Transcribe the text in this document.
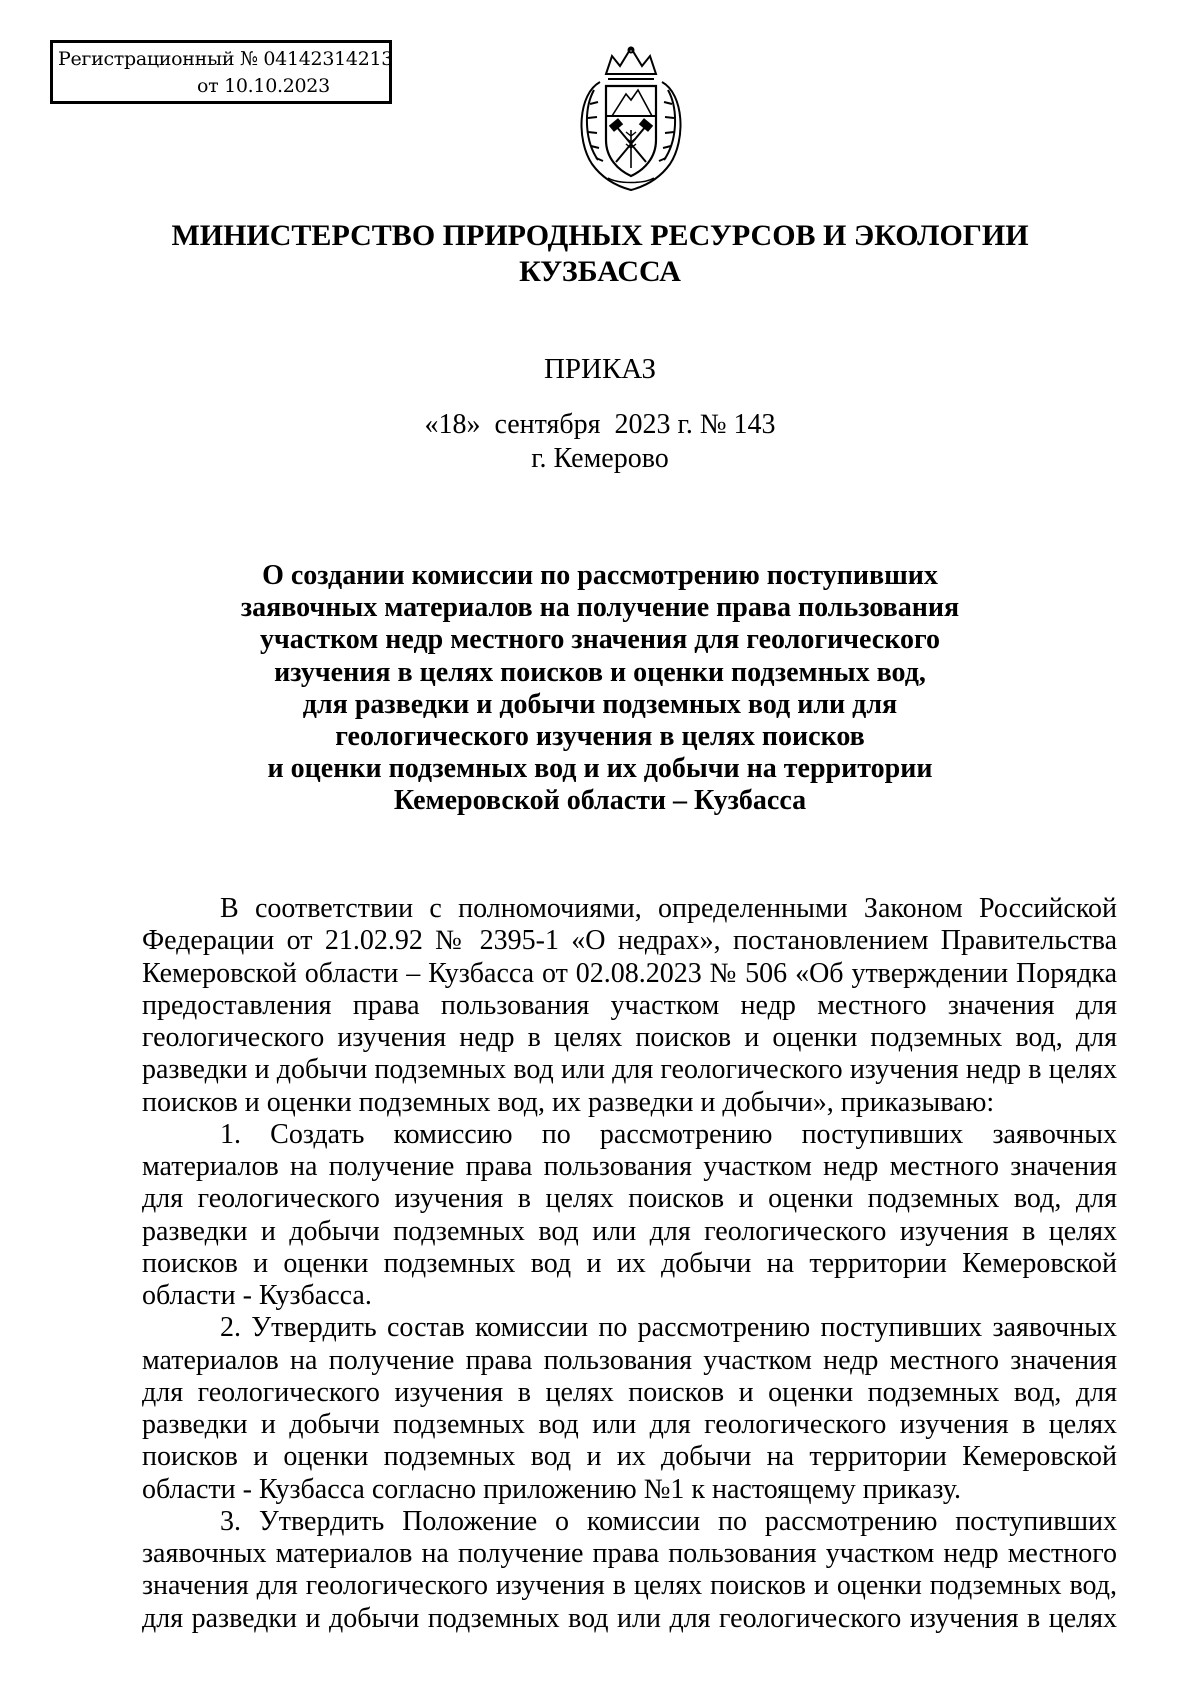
Регистрационный № 04142314213
от 10.10.2023
МИНИСТЕРСТВО ПРИРОДНЫХ РЕСУРСОВ И ЭКОЛОГИИ
КУЗБАССА
ПРИКАЗ
«18»  сентября  2023 г. № 143
г. Кемерово
О создании комиссии по рассмотрению поступивших
заявочных материалов на получение права пользования
участком недр местного значения для геологического
изучения в целях поисков и оценки подземных вод,
для разведки и добычи подземных вод или для
геологического изучения в целях поисков
и оценки подземных вод и их добычи на территории
Кемеровской области – Кузбасса
В соответствии с полномочиями, определенными Законом Российской
Федерации от 21.02.92 № 2395-1 «О недрах», постановлением Правительства
Кемеровской области – Кузбасса от 02.08.2023 № 506 «Об утверждении Порядка
предоставления права пользования участком недр местного значения для
геологического изучения недр в целях поисков и оценки подземных вод, для
разведки и добычи подземных вод или для геологического изучения недр в целях
поисков и оценки подземных вод, их разведки и добычи», приказываю:
1. Создать комиссию по рассмотрению поступивших заявочных
материалов на получение права пользования участком недр местного значения
для геологического изучения в целях поисков и оценки подземных вод, для
разведки и добычи подземных вод или для геологического изучения в целях
поисков и оценки подземных вод и их добычи на территории Кемеровской
области - Кузбасса.
2. Утвердить состав комиссии по рассмотрению поступивших заявочных
материалов на получение права пользования участком недр местного значения
для геологического изучения в целях поисков и оценки подземных вод, для
разведки и добычи подземных вод или для геологического изучения в целях
поисков и оценки подземных вод и их добычи на территории Кемеровской
области - Кузбасса согласно приложению №1 к настоящему приказу.
3. Утвердить Положение о комиссии по рассмотрению поступивших
заявочных материалов на получение права пользования участком недр местного
значения для геологического изучения в целях поисков и оценки подземных вод,
для разведки и добычи подземных вод или для геологического изучения в целях
